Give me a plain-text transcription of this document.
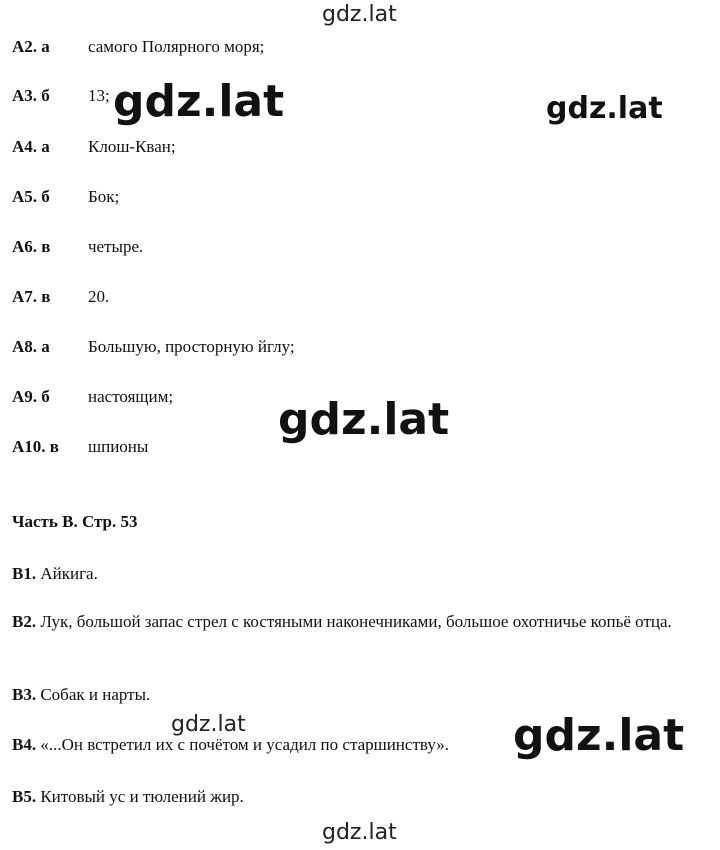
gdz.lat
gdz.lat	gdz.lat
gdz.lat
gdz.lat	gdz.lat
gdz.lat
А2. а самого Полярного моря;
А3. б 13;
А4. а Клош-Кван;
А5. б Бок;
А6. в четыре.
А7. в 20.
А8. а Большую, просторную йглу;
А9. б настоящим;
А10. в шпионы
Часть В. Стр. 53
В1. Айкига.
В2. Лук, большой запас стрел с костяными наконечниками, большое охотничье копьё отца.
В3. Собак и нарты.
В4. «...Он встретил их с почётом и усадил по старшинству».
В5. Китовый ус и тюлений жир.
